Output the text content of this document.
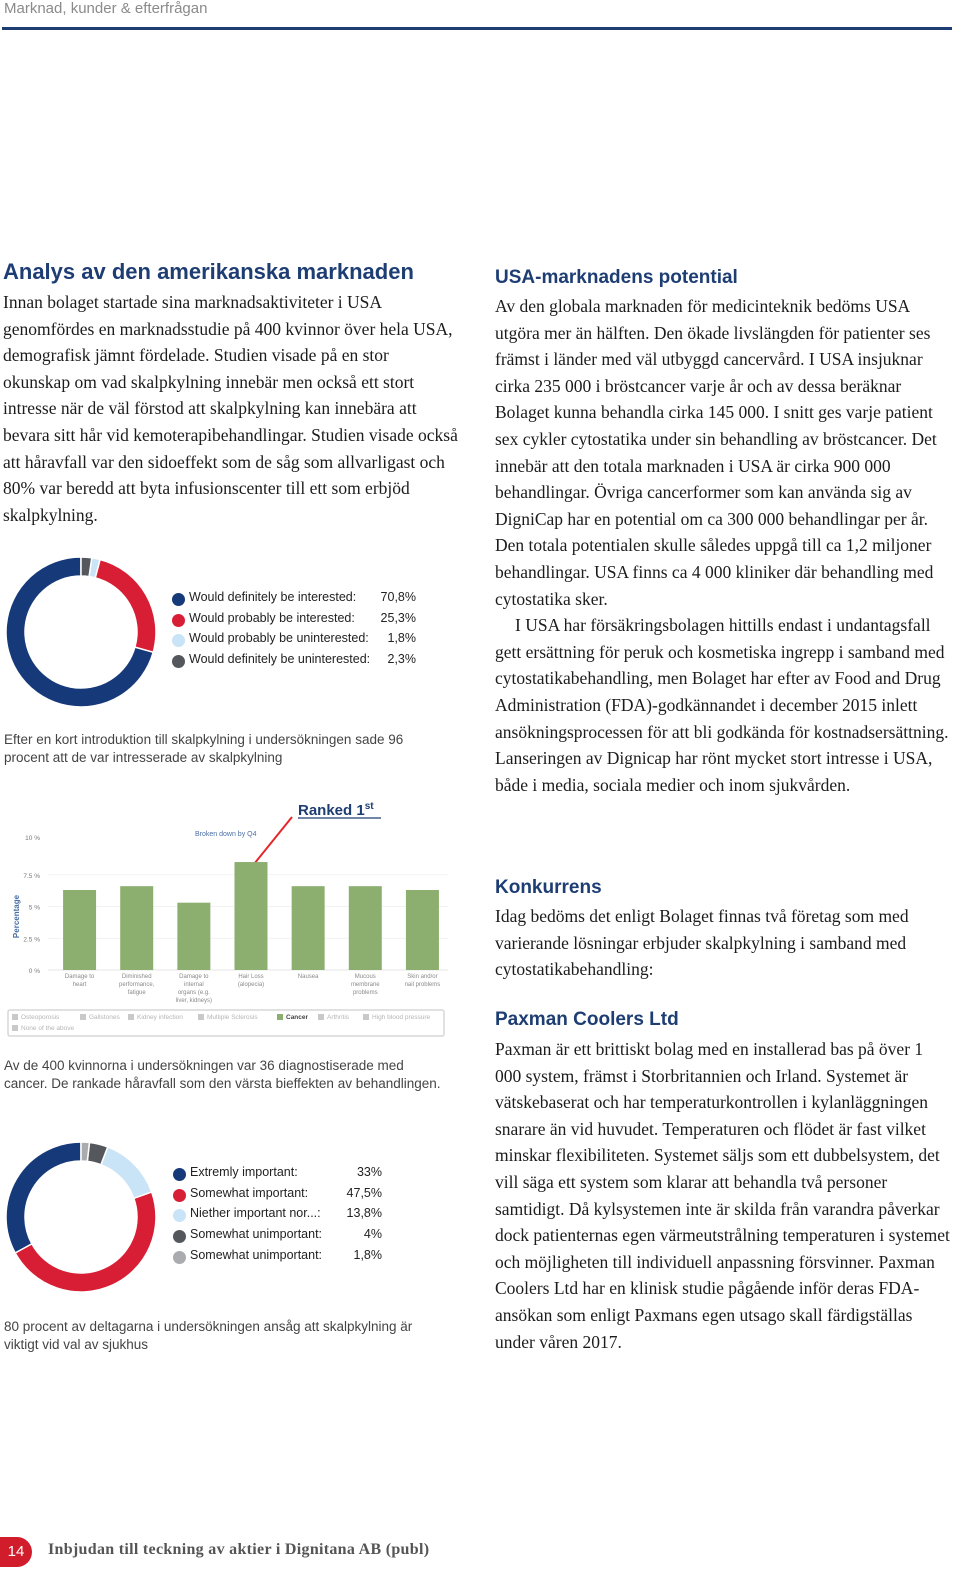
Marknad, kunder & efterfrågan
Analys av den amerikanska marknaden

Innan bolaget startade sina marknadsaktiviteter i USA genomfördes en marknadsstudie på 400 kvinnor över hela USA, demografisk jämnt fördelade. Studien visade på en stor okunskap om vad skalpkylning innebär men också ett stort intresse när de väl förstod att skalpkylning kan innebära att bevara sitt hår vid kemoterapibehandlingar. Studien visade också att håravfall var den sidoeffekt som de såg som allvarligast och 80% var beredd att byta infusionscenter till ett som erbjöd skalpkylning.

Would definitely be interested: 70,8%
Would probably be interested: 25,3%
Would probably be uninterested: 1,8%
Would definitely be uninterested: 2,3%
Efter en kort introduktion till skalpkylning i undersökningen sade 96 procent att de var intresserade av skalpkylning
Ranked 1st
Broken down by Q4
10 %
7.5 %
5 %
2.5 %
0 %
Percentage
Damage to heart
Diminished performance, fatigue
Damage to internal organs (e.g. liver, kidneys)
Hair Loss (alopecia)
Nausea	Mucous membrane problems
Skin and/or nail problems
Osteoporosis	Gallstones	Kidney infection	Multiple Sclerosis	Cancer	Arthritis	High blood pressure
None of the above
Av de 400 kvinnorna i undersökningen var 36 diagnostiserade med cancer. De rankade håravfall som den värsta bieffekten av behandlingen.
Extremly important:	33%
Somewhat important:	47,5%
Niether important nor...: 13,8%
Somewhat unimportant:	4%
Somewhat unimportant:	1,8%
80 procent av deltagarna i undersökningen ansåg att skalpkylning är viktigt vid val av sjukhus
USA-marknadens potential

Av den globala marknaden för medicinteknik bedöms USA utgöra mer än hälften. Den ökade livslängden för patienter ses främst i länder med väl utbyggd cancervård. I USA insjuknar cirka 235 000 i bröstcancer varje år och av dessa beräknar Bolaget kunna behandla cirka 145 000. I snitt ges varje patient sex cykler cytostatika under sin behandling av bröstcancer. Det innebär att den totala marknaden i USA är cirka 900 000 behandlingar. Övriga cancerformer som kan använda sig av DigniCap har en potential om ca 300 000 behandlingar per år. Den totala potentialen skulle således uppgå till ca 1,2 miljoner behandlingar. USA finns ca 4 000 kliniker där behandling med cytostatika sker.

I USA har försäkringsbolagen hittills endast i undantagsfall gett ersättning för peruk och kosmetiska ingrepp i samband med cytostatikabehandling, men Bolaget har efter av Food and Drug Administration (FDA)-godkännandet i december 2015 inlett ansökningsprocessen för att bli godkända för kostnadsersättning. Lanseringen av Dignicap har rönt mycket stort intresse i USA, både i media, sociala medier och inom sjukvården.

Konkurrens

Idag bedöms det enligt Bolaget finnas två företag som med varierande lösningar erbjuder skalpkylning i samband med cytostatikabehandling:

Paxman Coolers Ltd

Paxman är ett brittiskt bolag med en installerad bas på över 1 000 system, främst i Storbritannien och Irland. Systemet är vätskebaserat och har temperaturkontrollen i kylanläggningen snarare än vid huvudet. Temperaturen och flödet är fast vilket minskar flexibiliteten. Systemet säljs som ett dubbelsystem, det vill säga ett system som klarar att behandla två personer samtidigt. Då kylsystemen inte är skilda från varandra påverkar dock patienternas egen värmeutstrålning temperaturen i systemet och möjligheten till individuell anpassning försvinner. Paxman Coolers Ltd har en klinisk studie pågående inför deras FDA-ansökan som enligt Paxmans egen utsago skall färdigställas under våren 2017.

14	Inbjudan till teckning av aktier i Dignitana AB (publ)
